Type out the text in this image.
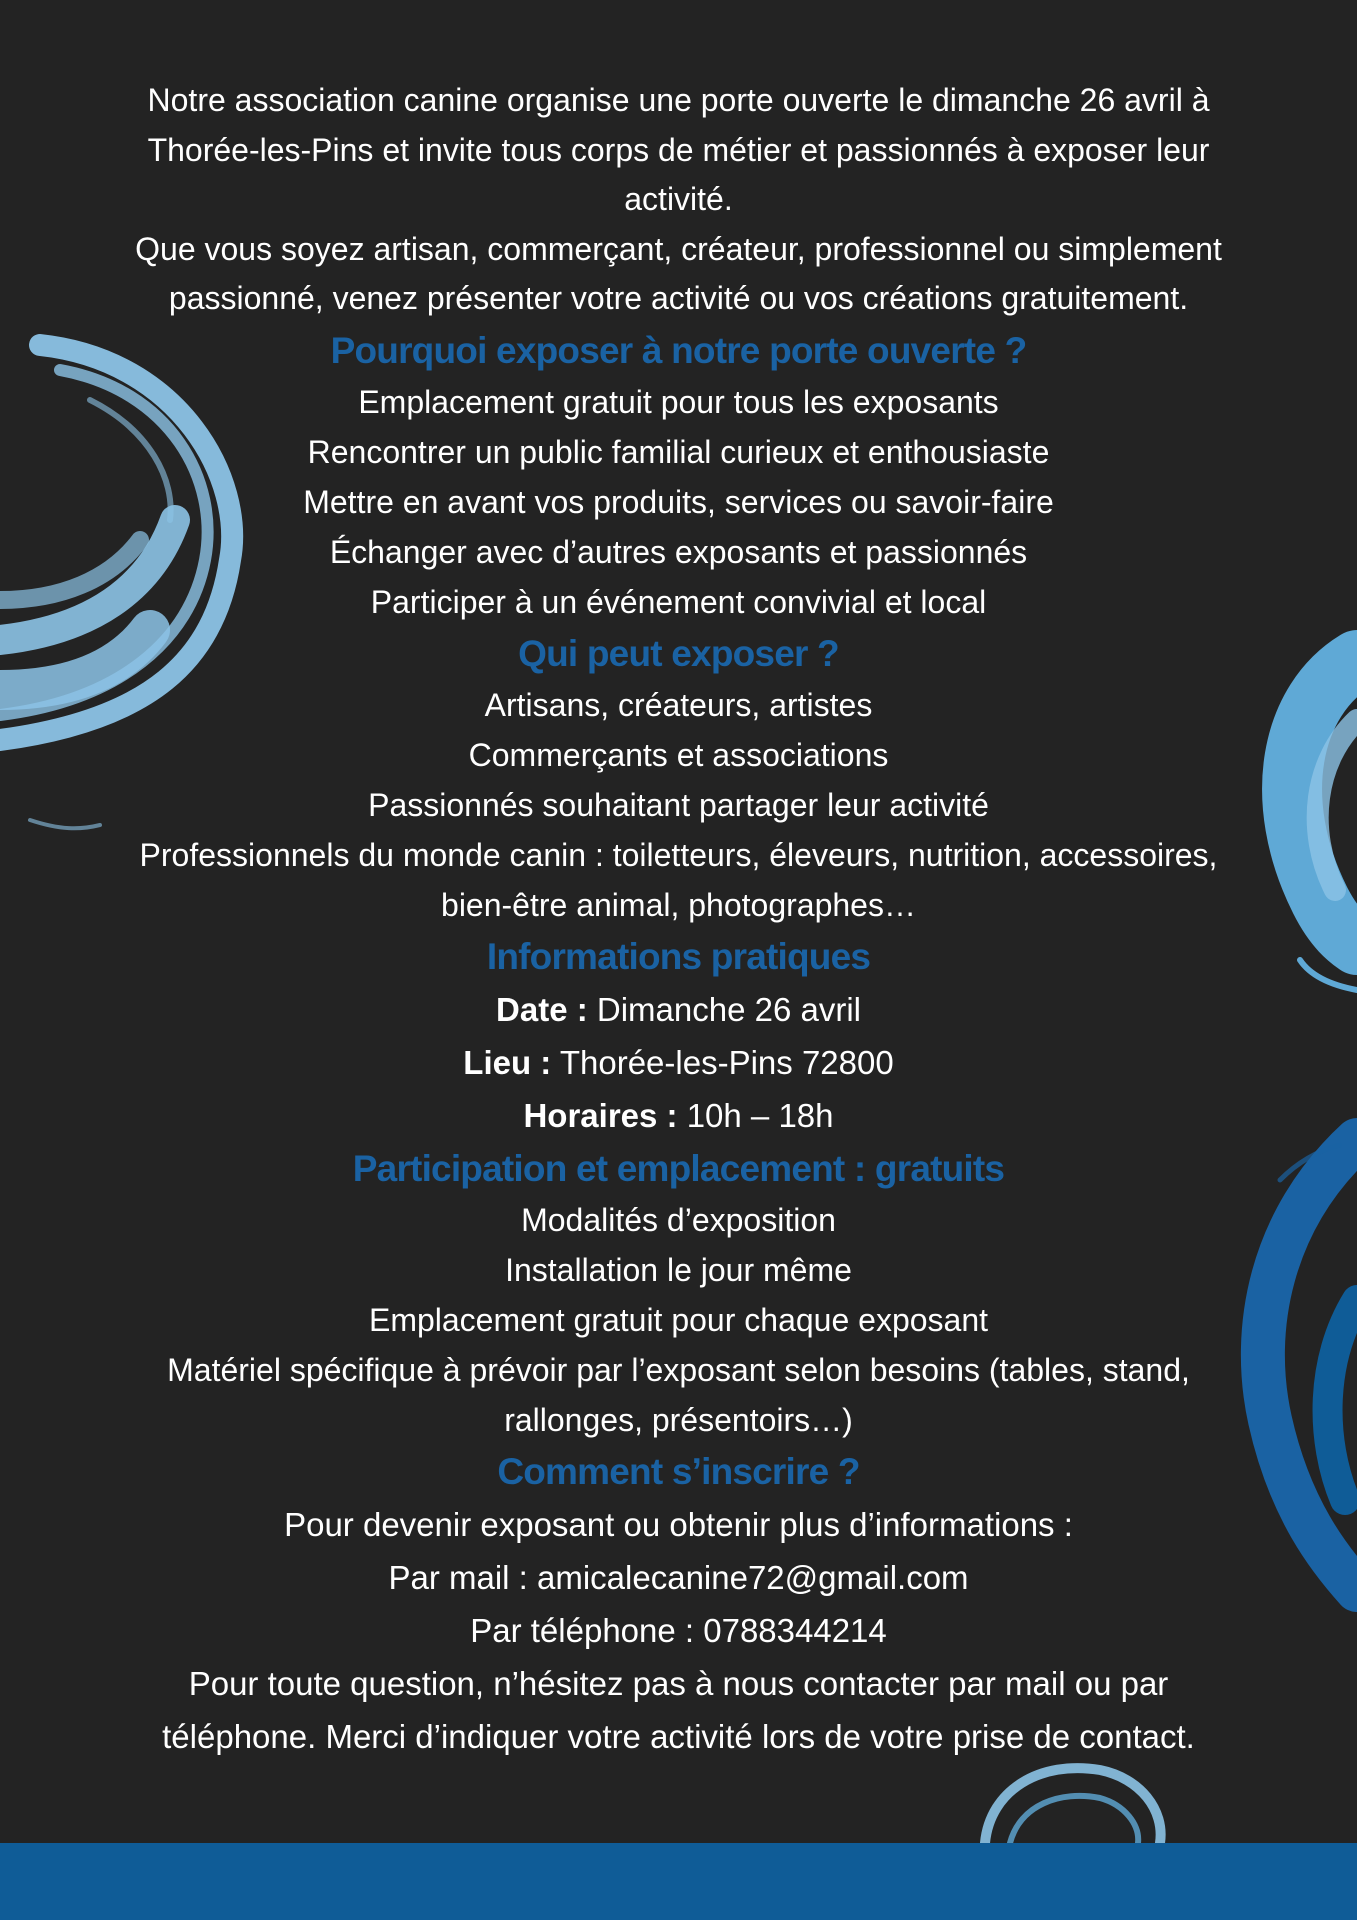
Notre association canine organise une porte ouverte le dimanche 26 avril à

Thorée-les-Pins et invite tous corps de métier et passionnés à exposer leur

activité.

Que vous soyez artisan, commerçant, créateur, professionnel ou simplement

passionné, venez présenter votre activité ou vos créations gratuitement.

Pourquoi exposer à notre porte ouverte ?

Emplacement gratuit pour tous les exposants

Rencontrer un public familial curieux et enthousiaste

Mettre en avant vos produits, services ou savoir-faire

Échanger avec d’autres exposants et passionnés

Participer à un événement convivial et local

Qui peut exposer ?

Artisans, créateurs, artistes

Commerçants et associations

Passionnés souhaitant partager leur activité

Professionnels du monde canin : toiletteurs, éleveurs, nutrition, accessoires,

bien-être animal, photographes…

Informations pratiques

Date : Dimanche 26 avril

Lieu : Thorée-les-Pins 72800

Horaires : 10h – 18h

Participation et emplacement : gratuits

Modalités d’exposition

Installation le jour même

Emplacement gratuit pour chaque exposant

Matériel spécifique à prévoir par l’exposant selon besoins (tables, stand,

rallonges, présentoirs…)

Comment s’inscrire ?

Pour devenir exposant ou obtenir plus d’informations :

Par mail : amicalecanine72@gmail.com

Par téléphone : 0788344214

Pour toute question, n’hésitez pas à nous contacter par mail ou par

téléphone. Merci d’indiquer votre activité lors de votre prise de contact.
